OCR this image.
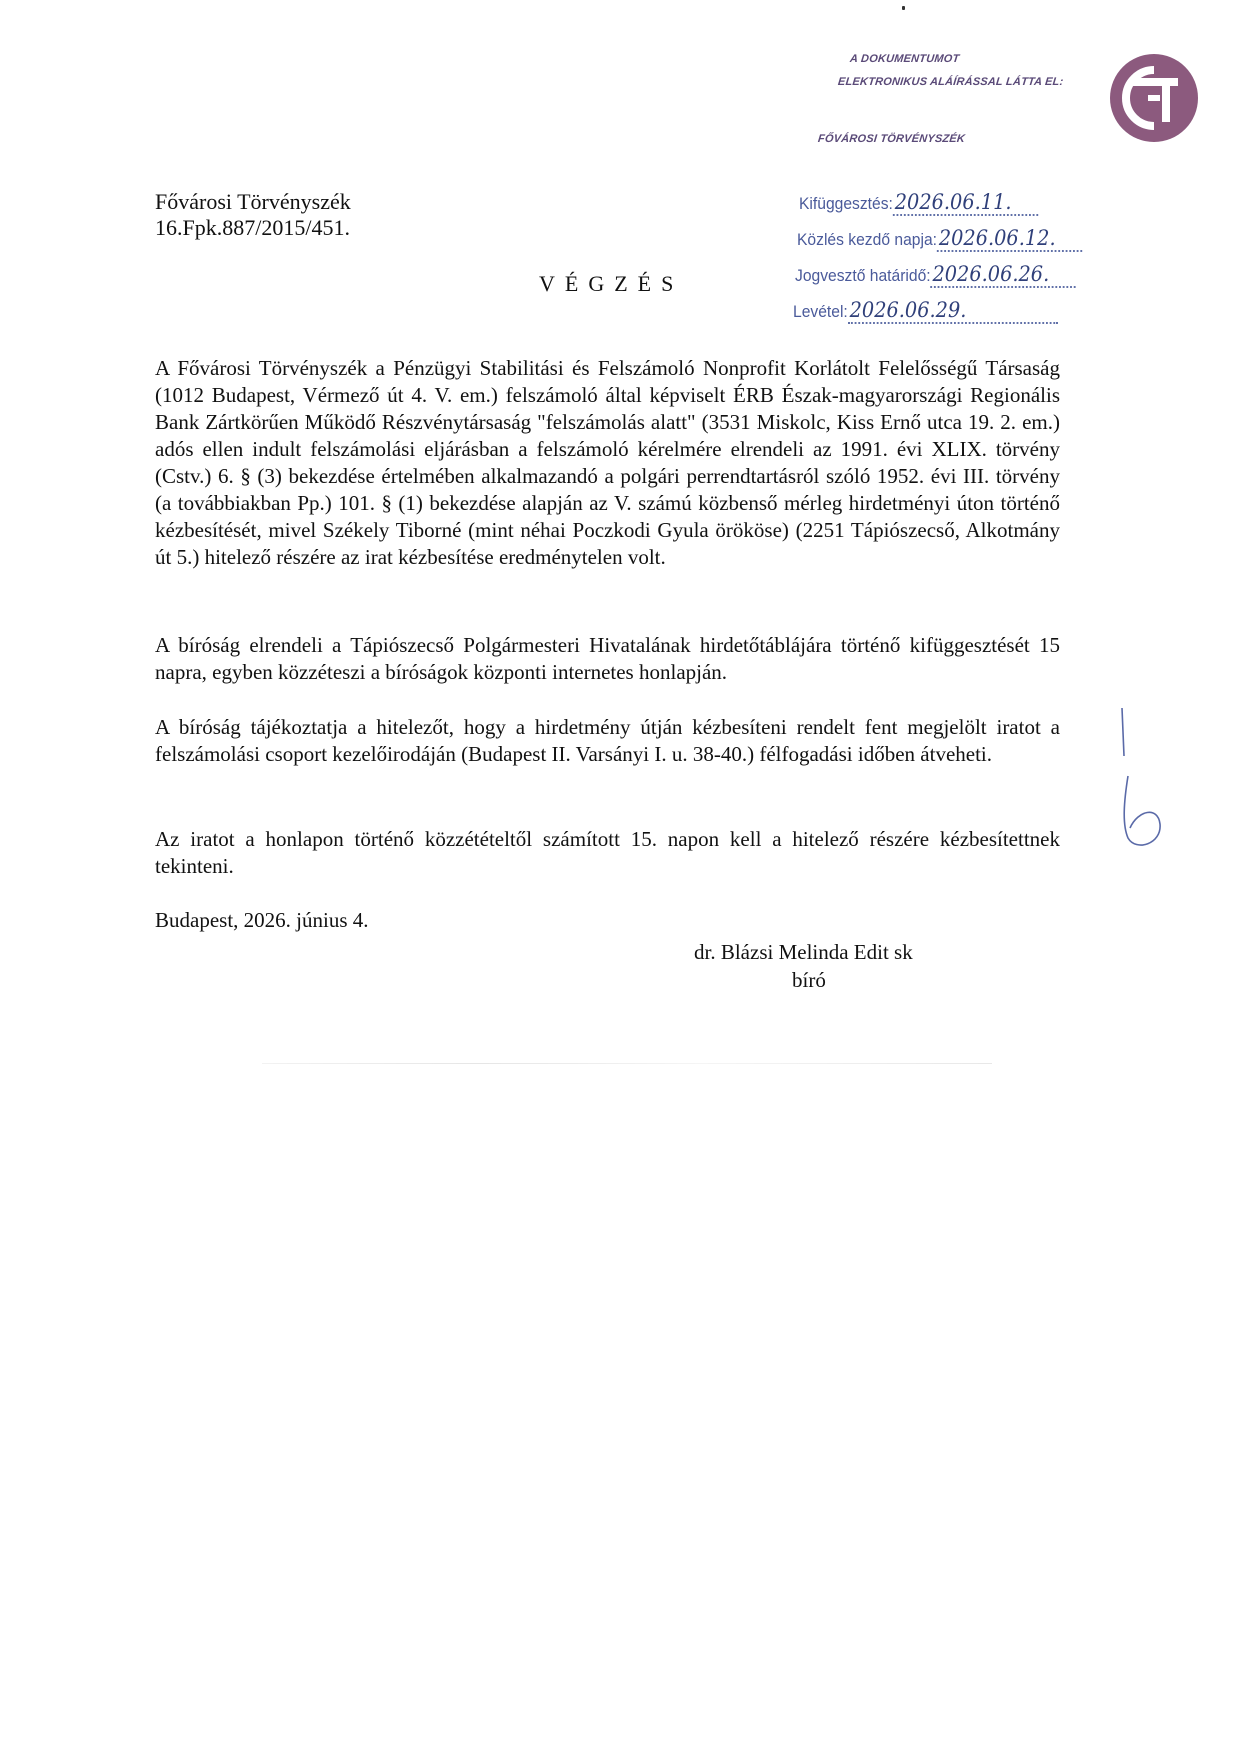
A DOKUMENTUMOT
ELEKTRONIKUS ALÁÍRÁSSAL LÁTTA EL:
FŐVÁROSI TÖRVÉNYSZÉK
Fővárosi Törvényszék
16.Fpk.887/2015/451.
VÉGZÉS
Kifüggesztés:2026.06.11.
Közlés kezdő napja:2026.06.12.
Jogvesztő határidő:2026.06.26.
Levétel:2026.06.29.
A Fővárosi Törvényszék a Pénzügyi Stabilitási és Felszámoló Nonprofit Korlátolt Felelősségű Társaság (1012 Budapest, Vérmező út 4. V. em.) felszámoló által képviselt ÉRB Észak-magyarországi Regionális Bank Zártkörűen Működő Részvénytársaság "felszámolás alatt" (3531 Miskolc, Kiss Ernő utca 19. 2. em.) adós ellen indult felszámolási eljárásban a felszámoló kérelmére elrendeli az 1991. évi XLIX. törvény (Cstv.) 6. § (3) bekezdése értelmében alkalmazandó a polgári perrendtartásról szóló 1952. évi III. törvény (a továbbiakban Pp.) 101. § (1) bekezdése alapján az V. számú közbenső mérleg hirdetményi úton történő kézbesítését, mivel Székely Tiborné (mint néhai Poczkodi Gyula örököse) (2251 Tápiószecső, Alkotmány út 5.) hitelező részére az irat kézbesítése eredménytelen volt.
A bíróság elrendeli a Tápiószecső Polgármesteri Hivatalának hirdetőtáblájára történő kifüggesztését 15 napra, egyben közzéteszi a bíróságok központi internetes honlapján.
A bíróság tájékoztatja a hitelezőt, hogy a hirdetmény útján kézbesíteni rendelt fent megjelölt iratot a felszámolási csoport kezelőirodáján (Budapest II. Varsányi I. u. 38-40.) félfogadási időben átveheti.
Az iratot a honlapon történő közzétételtől számított 15. napon kell a hitelező részére kézbesítettnek tekinteni.
Budapest, 2026. június 4.
dr. Blázsi Melinda Edit sk
bíró
